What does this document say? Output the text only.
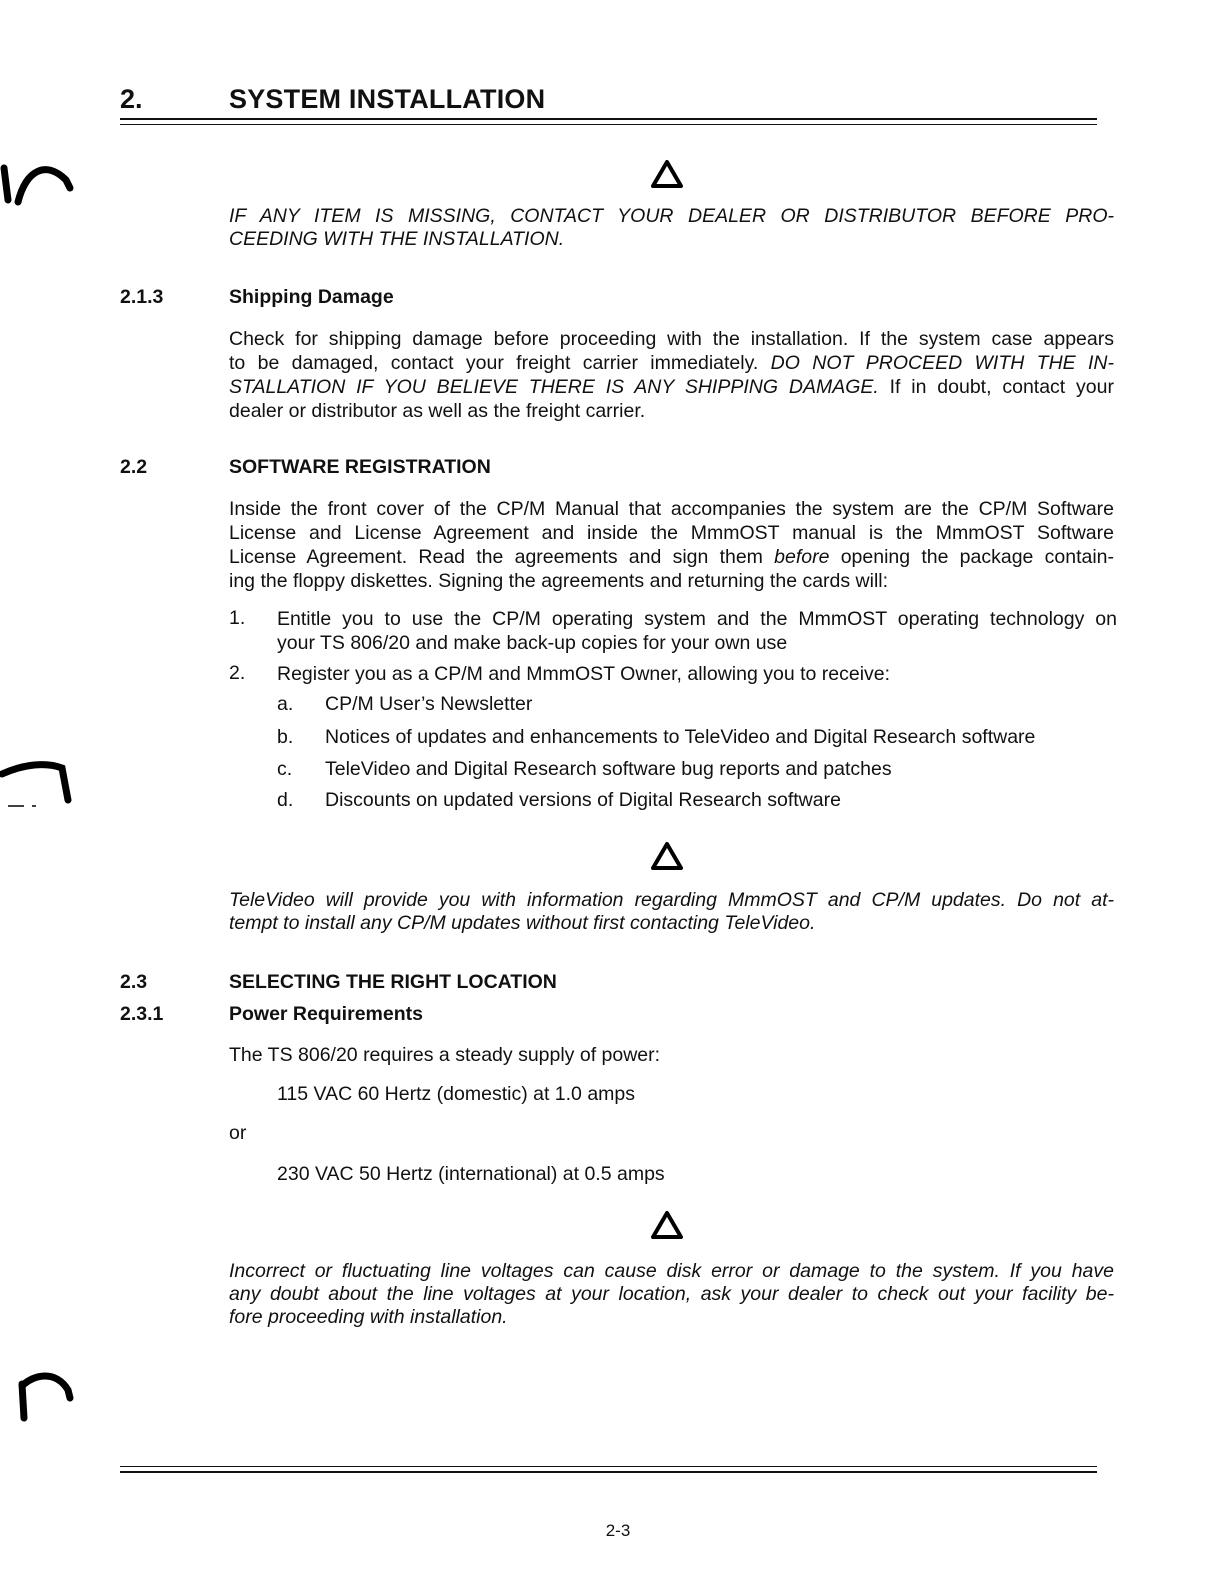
2.	SYSTEM INSTALLATION
IF ANY ITEM IS MISSING, CONTACT YOUR DEALER OR DISTRIBUTOR BEFORE PRO-
CEEDING WITH THE INSTALLATION.
2.1.3	Shipping Damage
Check for shipping damage before proceeding with the installation. If the system case appears
to be damaged, contact your freight carrier immediately. DO NOT PROCEED WITH THE IN-
STALLATION IF YOU BELIEVE THERE IS ANY SHIPPING DAMAGE. If in doubt, contact your
dealer or distributor as well as the freight carrier.
2.2	SOFTWARE REGISTRATION
Inside the front cover of the CP/M Manual that accompanies the system are the CP/M Software
License and License Agreement and inside the MmmOST manual is the MmmOST Software
License Agreement. Read the agreements and sign them before opening the package contain-
ing the floppy diskettes. Signing the agreements and returning the cards will:
1. Entitle you to use the CP/M operating system and the MmmOST operating technology on
your TS 806/20 and make back-up copies for your own use
2. Register you as a CP/M and MmmOST Owner, allowing you to receive:
a. CP/M User’s Newsletter
b. Notices of updates and enhancements to TeleVideo and Digital Research software
c. TeleVideo and Digital Research software bug reports and patches
d. Discounts on updated versions of Digital Research software
TeleVideo will provide you with information regarding MmmOST and CP/M updates. Do not at-
tempt to install any CP/M updates without first contacting TeleVideo.
2.3	SELECTING THE RIGHT LOCATION
2.3.1	Power Requirements
The TS 806/20 requires a steady supply of power:
115 VAC 60 Hertz (domestic) at 1.0 amps
or
230 VAC 50 Hertz (international) at 0.5 amps
Incorrect or fluctuating line voltages can cause disk error or damage to the system. If you have
any doubt about the line voltages at your location, ask your dealer to check out your facility be-
fore proceeding with installation.
2-3
